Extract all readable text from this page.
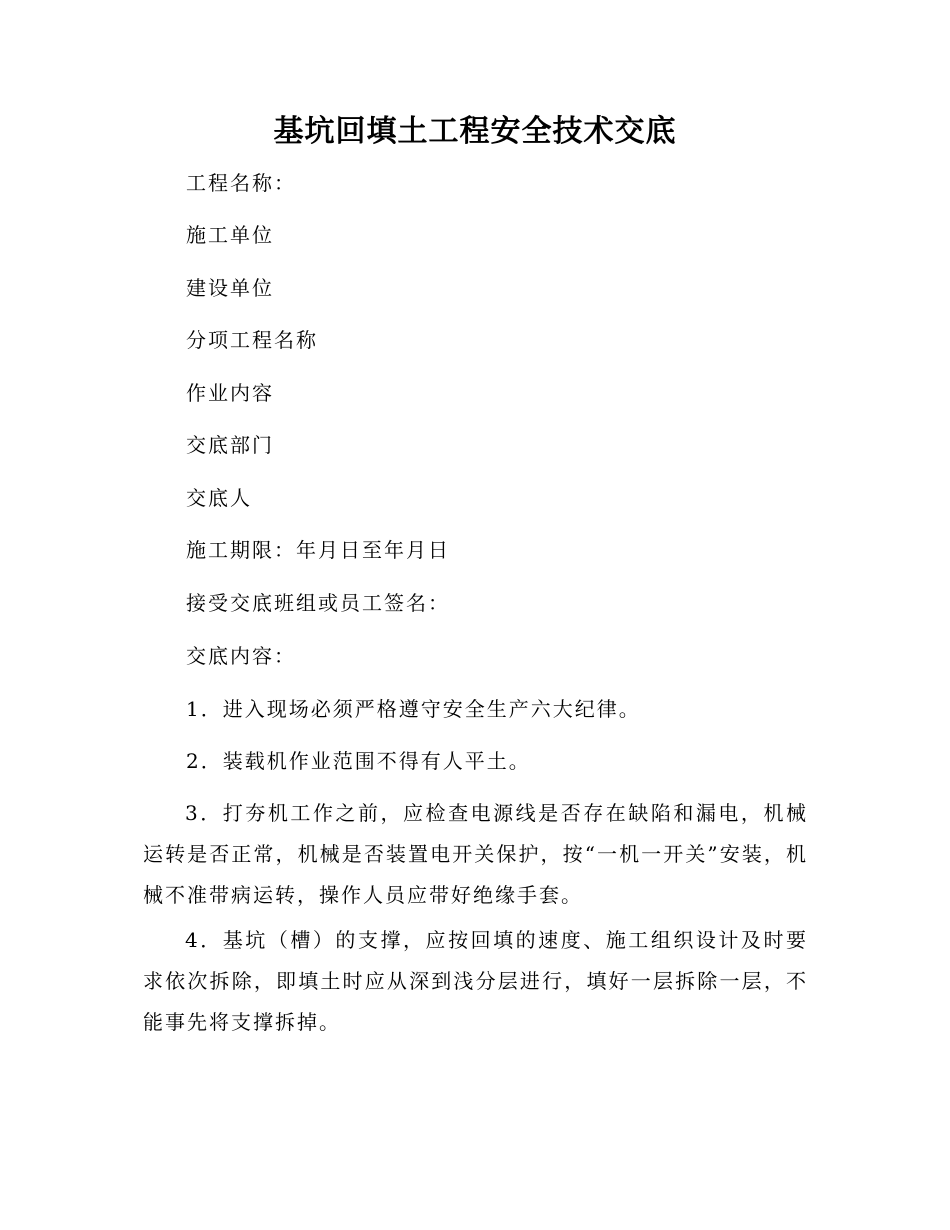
基坑回填土工程安全技术交底
工程名称：
施工单位
建设单位
分项工程名称
作业内容
交底部门
交底人
施工期限：年月日至年月日
接受交底班组或员工签名：
交底内容：
1．进入现场必须严格遵守安全生产六大纪律。
2．装载机作业范围不得有人平土。
3．打夯机工作之前，应检查电源线是否存在缺陷和漏电，机械运转是否正常，机械是否装置电开关保护，按“一机一开关”安装，机械不准带病运转，操作人员应带好绝缘手套。
4．基坑（槽）的支撑，应按回填的速度、施工组织设计及时要求依次拆除，即填土时应从深到浅分层进行，填好一层拆除一层，不能事先将支撑拆掉。
